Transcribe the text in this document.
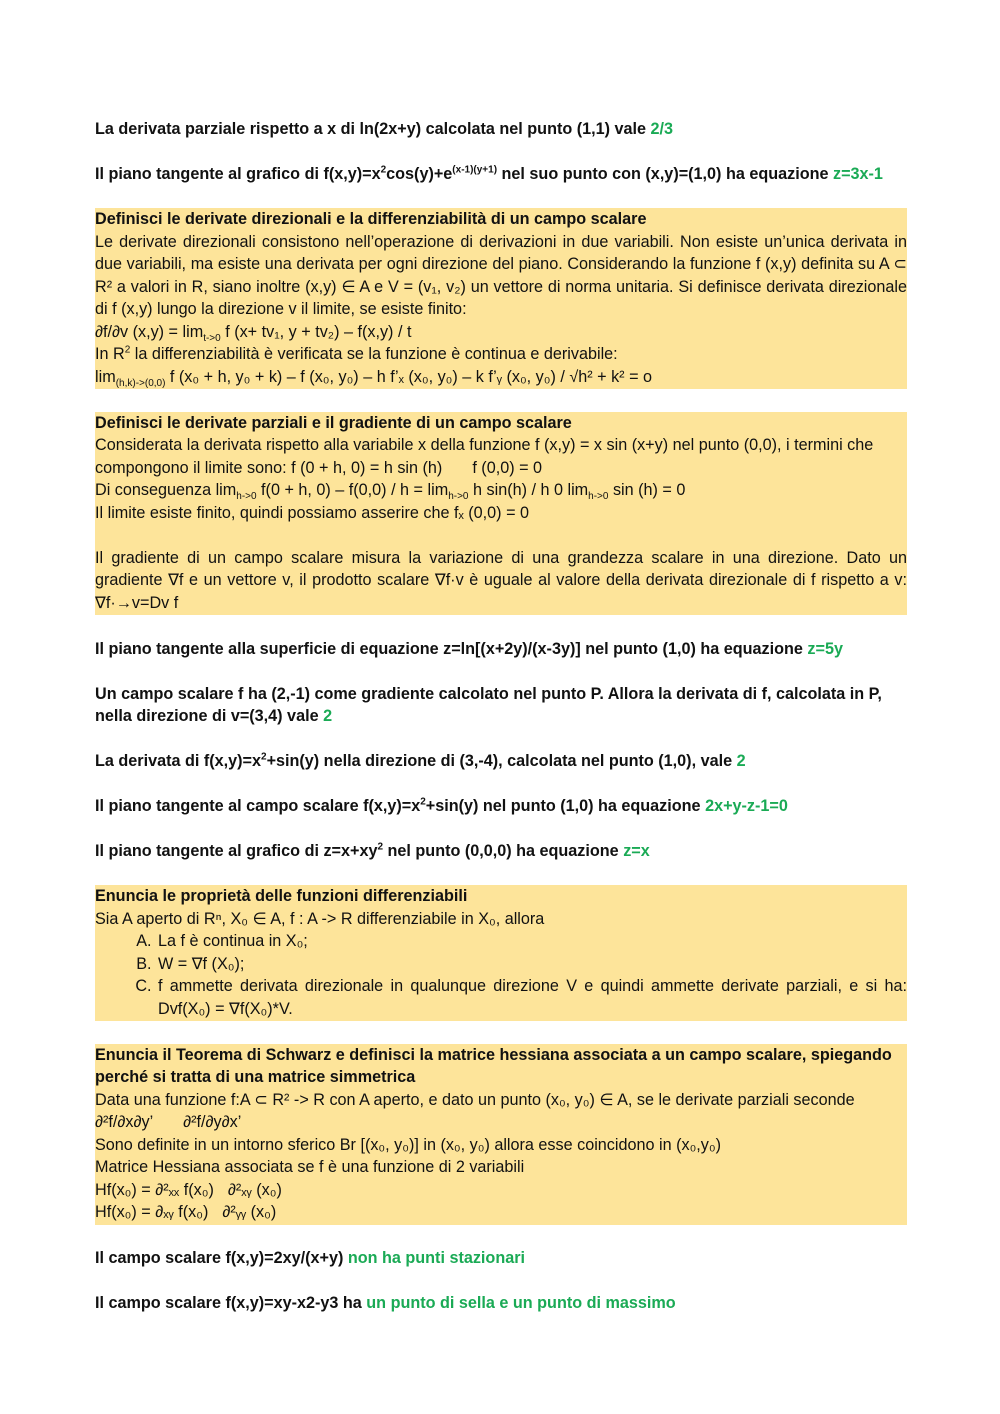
La derivata parziale rispetto a x di ln(2x+y) calcolata nel punto (1,1) vale 2/3

Il piano tangente al grafico di $f(x,y)=x^2\cos(y)+e^{(x-1)(y+1)}$ nel suo punto con (x,y)=(1,0) ha equazione z=3x-1

Definisci le derivate direzionali e la differenziabilità di un campo scalare

Le derivate direzionali consistono nell’operazione di derivazioni in due variabili. Non esiste un’unica derivata in due variabili, ma esiste una derivata per ogni direzione del piano. Considerando la funzione f (x,y) definita su A ⊂ R² a valori in R, siano inoltre (x,y) ∈ A e V = (v₁, v₂) un vettore di norma unitaria. Si definisce derivata direzionale di f (x,y) lungo la direzione v il limite, se esiste finito:

∂f/∂v $(x,y) = \lim_{t->0} f$ (x+ tv₁, y + tv₂) – f(x,y) / t

In $R^2$ la differenziabilità è verificata se la funzione è continua e derivabile:

$\lim_{(h,k)->(0,0)} f$ (x₀ + h, y₀ + k) – f (x₀, y₀) – h f’ₓ (x₀, y₀) – k f’ᵧ (x₀, y₀) / √h² + k² = o

Definisci le derivate parziali e il gradiente di un campo scalare

Considerata la derivata rispetto alla variabile x della funzione f (x,y) = x sin (x+y) nel punto (0,0), i termini che compongono il limite sono: f (0 + h, 0) = h sin (h) f (0,0) = 0

Di conseguenza $\lim_{h->0} f(0 + h$, $0) - f(0,0) / h = \lim_{h->0} h$ sin(h) / h 0 $\lim_{h->0} \sin (h) = 0$

Il limite esiste finito, quindi possiamo asserire che fₓ (0,0) = 0

Il gradiente di un campo scalare misura la variazione di una grandezza scalare in una direzione. Dato un gradiente ∇f e un vettore v, il prodotto scalare ∇f·v è uguale al valore della derivata direzionale di f rispetto a v: ∇f·→v=Dv f

Il piano tangente alla superficie di equazione z=ln[(x+2y)/(x-3y)] nel punto (1,0) ha equazione z=5y

Un campo scalare f ha (2,-1) come gradiente calcolato nel punto P. Allora la derivata di f, calcolata in P, nella direzione di v=(3,4) vale 2

La derivata di $f(x,y)=x^2+\sin(y)$ nella direzione di (3,-4), calcolata nel punto (1,0), vale 2

Il piano tangente al campo scalare $f(x,y)=x^2+\sin(y)$ nel punto (1,0) ha equazione 2x+y-z-1=0

Il piano tangente al grafico di $z=x+xy^2$ nel punto (0,0,0) ha equazione z=x

Enuncia le proprietà delle funzioni differenziabili

Sia A aperto di Rⁿ, X₀ ∈ A, f : A -> R differenziabile in X₀, allora

A. La f è continua in X₀;
B. W = ∇f (X₀);
C. f ammette derivata direzionale in qualunque direzione V e quindi ammette derivate parziali, e si ha: Dvf(X₀) = ∇f(X₀)*V.

Enuncia il Teorema di Schwarz e definisci la matrice hessiana associata a un campo scalare, spiegando perché si tratta di una matrice simmetrica

Data una funzione f:A ⊂ R² -> R con A aperto, e dato un punto (x₀, y₀) ∈ A, se le derivate parziali seconde

∂²f/∂x∂y’ ∂²f/∂y∂x’

Sono definite in un intorno sferico Br [(x₀, y₀)] in (x₀, y₀) allora esse coincidono in (x₀,y₀)

Matrice Hessiana associata se f è una funzione di 2 variabili

Hf(x₀) = ∂²ₓₓ f(x₀) ∂²ₓᵧ (x₀)

Hf(x₀) = ∂ₓᵧ f(x₀) ∂²ᵧᵧ (x₀)

Il campo scalare f(x,y)=2xy/(x+y) non ha punti stazionari

Il campo scalare f(x,y)=xy-x2-y3 ha un punto di sella e un punto di massimo
